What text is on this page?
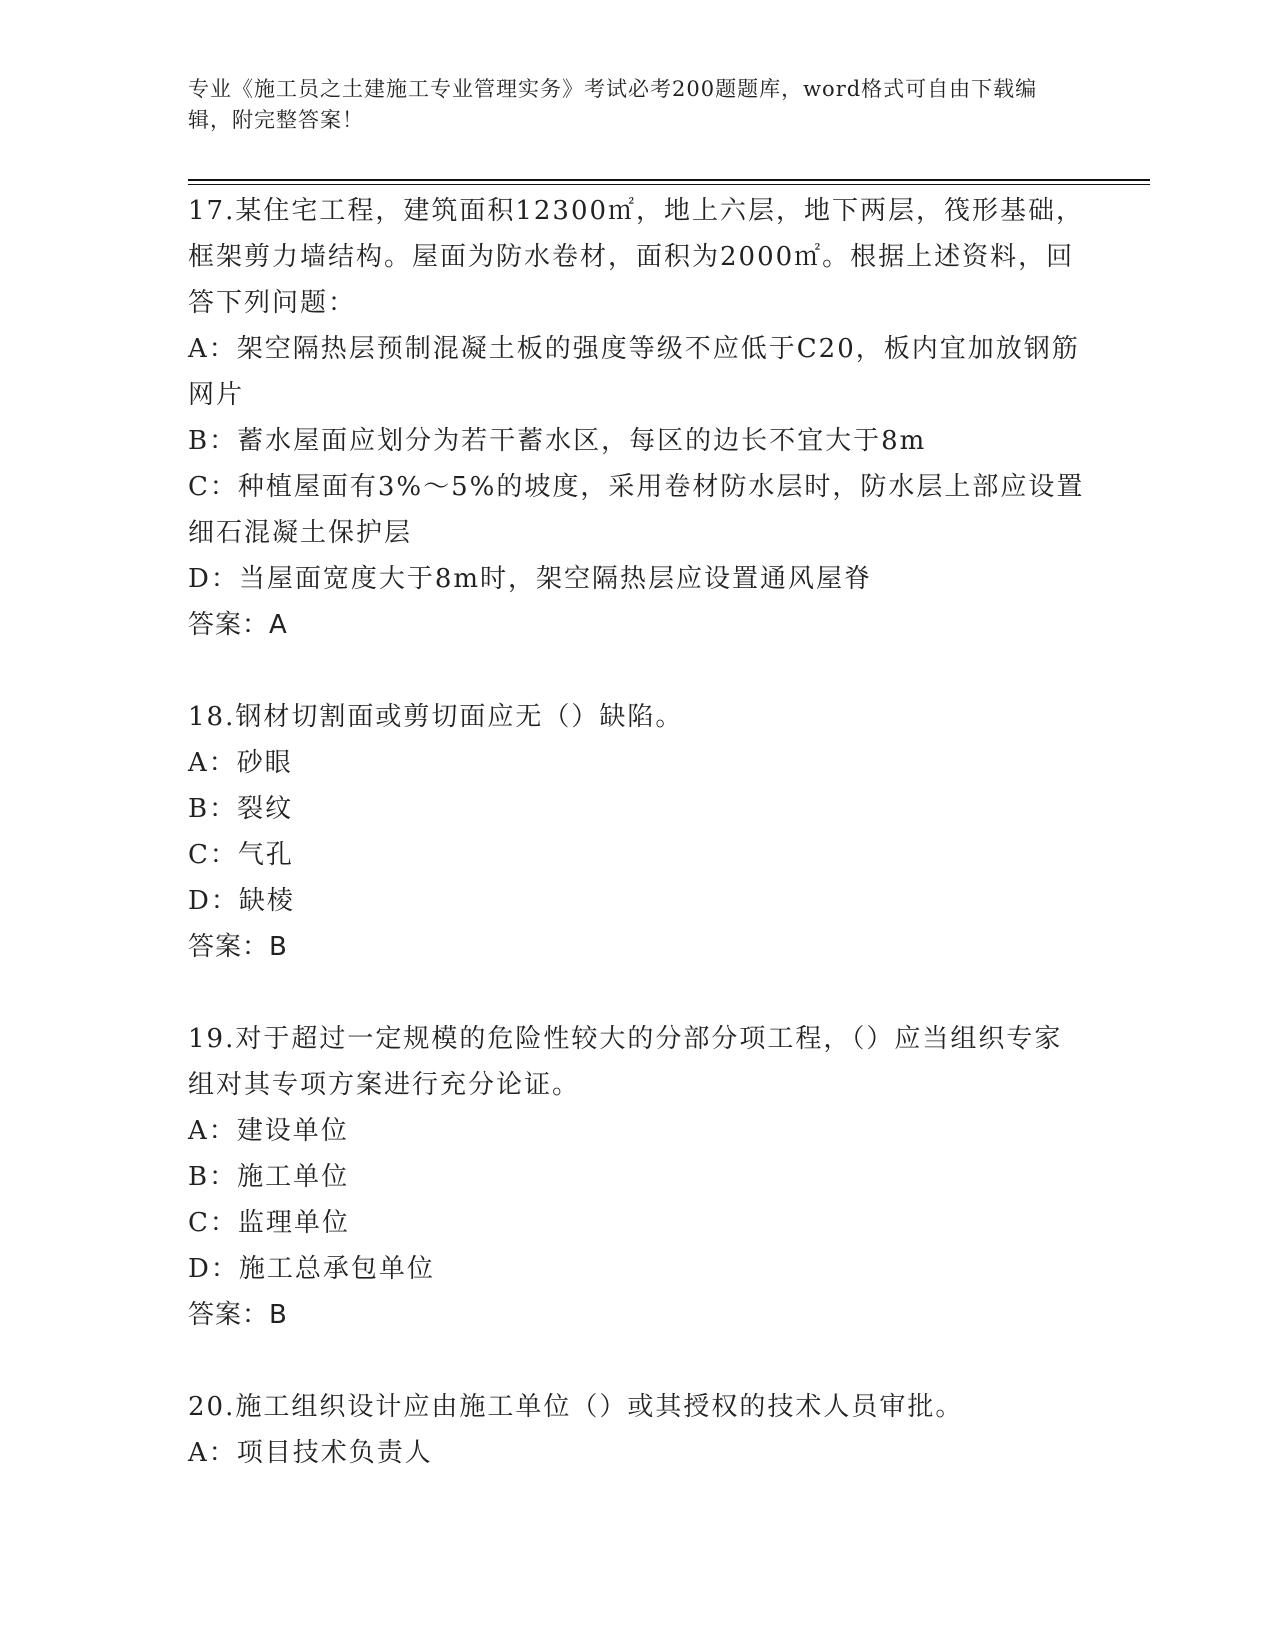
专业《施工员之土建施工专业管理实务》考试必考200题题库，word格式可自由下载编辑，附完整答案！
17.某住宅工程，建筑面积12300㎡，地上六层，地下两层，筏形基础，框架剪力墙结构。屋面为防水卷材，面积为2000㎡。根据上述资料，回答下列问题：
A：架空隔热层预制混凝土板的强度等级不应低于C20，板内宜加放钢筋网片
B：蓄水屋面应划分为若干蓄水区，每区的边长不宜大于8m
C：种植屋面有3%～5%的坡度，采用卷材防水层时，防水层上部应设置细石混凝土保护层
D：当屋面宽度大于8m时，架空隔热层应设置通风屋脊
答案：A
18.钢材切割面或剪切面应无（）缺陷。
A：砂眼
B：裂纹
C：气孔
D：缺棱
答案：B
19.对于超过一定规模的危险性较大的分部分项工程，（）应当组织专家组对其专项方案进行充分论证。
A：建设单位
B：施工单位
C：监理单位
D：施工总承包单位
答案：B
20.施工组织设计应由施工单位（）或其授权的技术人员审批。
A：项目技术负责人
